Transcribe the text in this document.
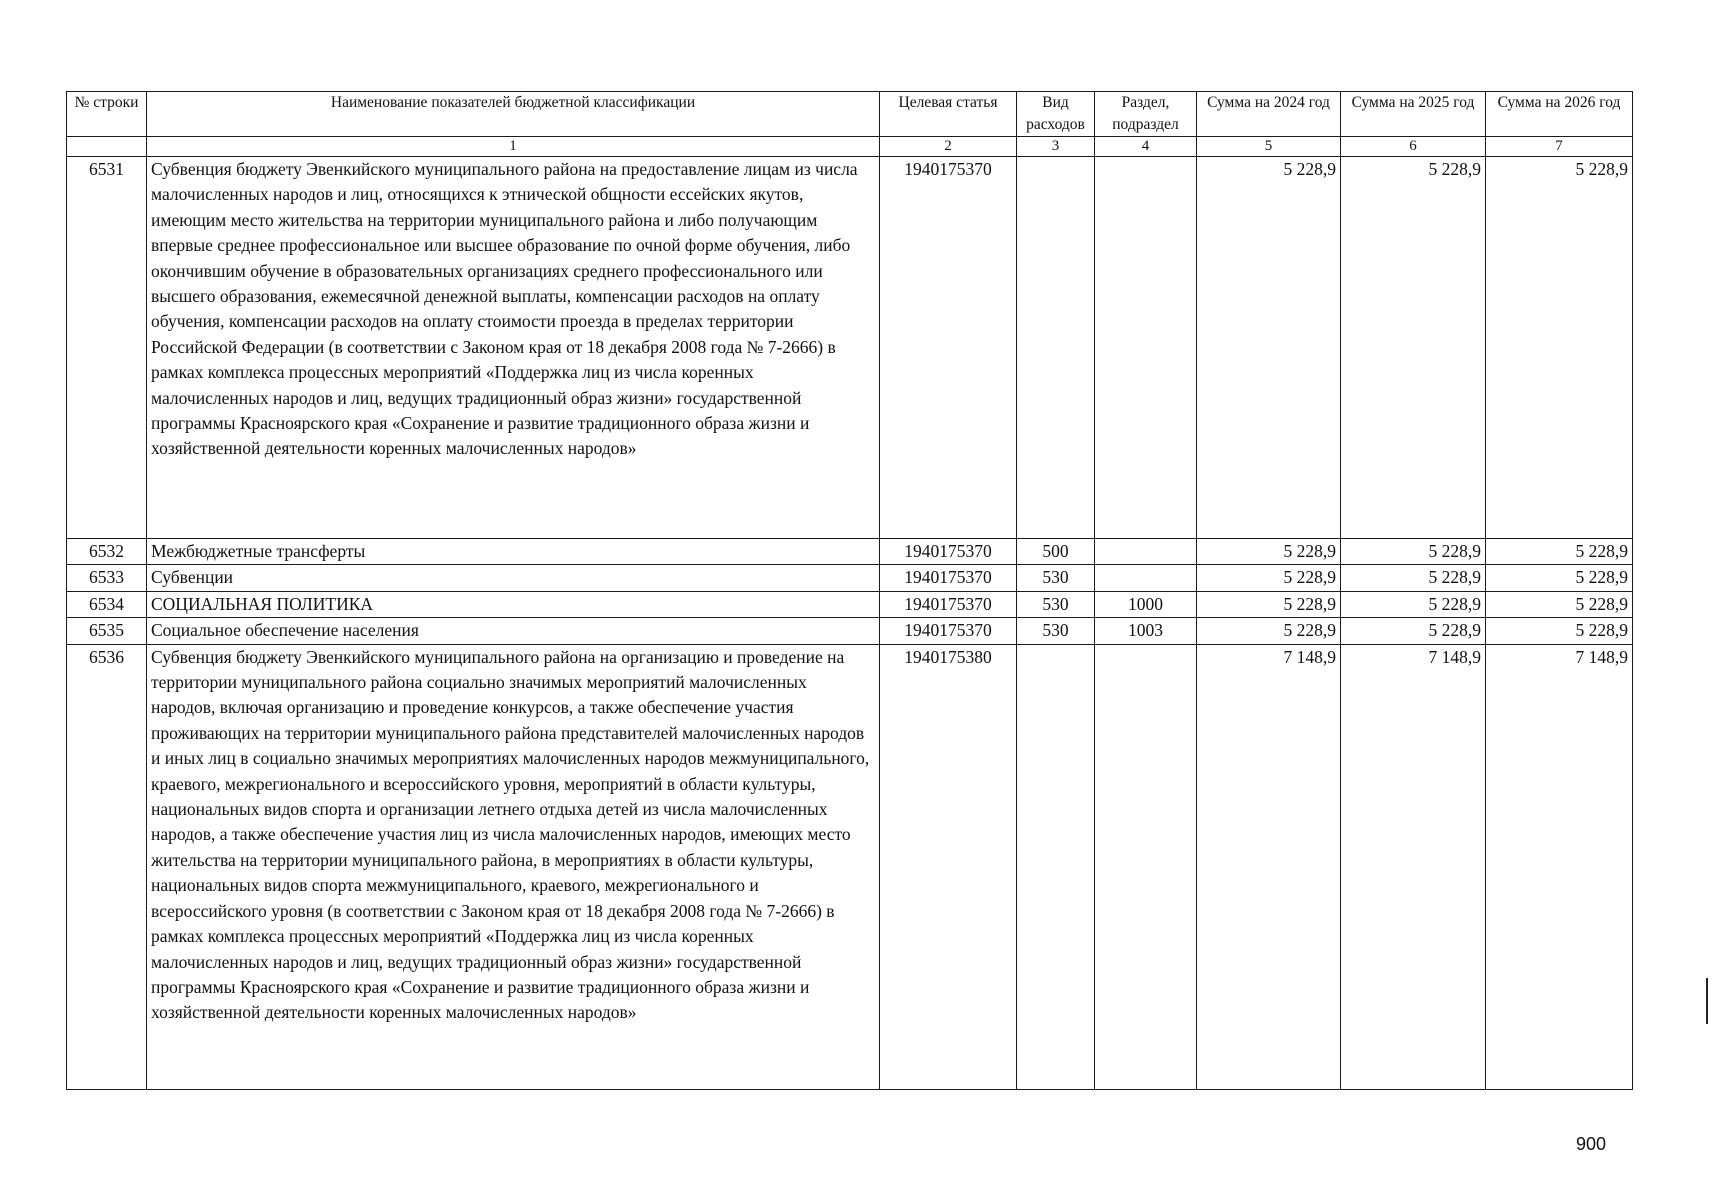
№ строки	Наименование показателей бюджетной классификации	Целевая статья	Вид расходов	Раздел, подраздел	Сумма на 2024 год	Сумма на 2025 год	Сумма на 2026 год
	1	2	3	4	5	6	7
6531	Субвенция бюджету Эвенкийского муниципального района на предоставление лицам из числа малочисленных народов и лиц, относящихся к этнической общности ессейских якутов, имеющим место жительства на территории муниципального района и либо получающим впервые среднее профессиональное или высшее образование по очной форме обучения, либо окончившим обучение в образовательных организациях среднего профессионального или высшего образования, ежемесячной денежной выплаты, компенсации расходов на оплату обучения, компенсации расходов на оплату стоимости проезда в пределах территории Российской Федерации (в соответствии с Законом края от 18 декабря 2008 года № 7-2666) в рамках комплекса процессных мероприятий «Поддержка лиц из числа коренных малочисленных народов и лиц, ведущих традиционный образ жизни» государственной программы Красноярского края «Сохранение и развитие традиционного образа жизни и хозяйственной деятельности коренных малочисленных народов»	1940175370			5 228,9	5 228,9	5 228,9
6532	Межбюджетные трансферты	1940175370	500		5 228,9	5 228,9	5 228,9
6533	Субвенции	1940175370	530		5 228,9	5 228,9	5 228,9
6534	СОЦИАЛЬНАЯ ПОЛИТИКА	1940175370	530	1000	5 228,9	5 228,9	5 228,9
6535	Социальное обеспечение населения	1940175370	530	1003	5 228,9	5 228,9	5 228,9
6536	Субвенция бюджету Эвенкийского муниципального района на организацию и проведение на территории муниципального района социально значимых мероприятий малочисленных народов, включая организацию и проведение конкурсов, а также обеспечение участия проживающих на территории муниципального района представителей малочисленных народов и иных лиц в социально значимых мероприятиях малочисленных народов межмуниципального, краевого, межрегионального и всероссийского уровня, мероприятий в области культуры, национальных видов спорта и организации летнего отдыха детей из числа малочисленных народов, а также обеспечение участия лиц из числа малочисленных народов, имеющих место жительства на территории муниципального района, в мероприятиях в области культуры, национальных видов спорта межмуниципального, краевого, межрегионального и всероссийского уровня (в соответствии с Законом края от 18 декабря 2008 года № 7-2666) в рамках комплекса процессных мероприятий «Поддержка лиц из числа коренных малочисленных народов и лиц, ведущих традиционный образ жизни» государственной программы Красноярского края «Сохранение и развитие традиционного образа жизни и хозяйственной деятельности коренных малочисленных народов»	1940175380			7 148,9	7 148,9	7 148,9
900
